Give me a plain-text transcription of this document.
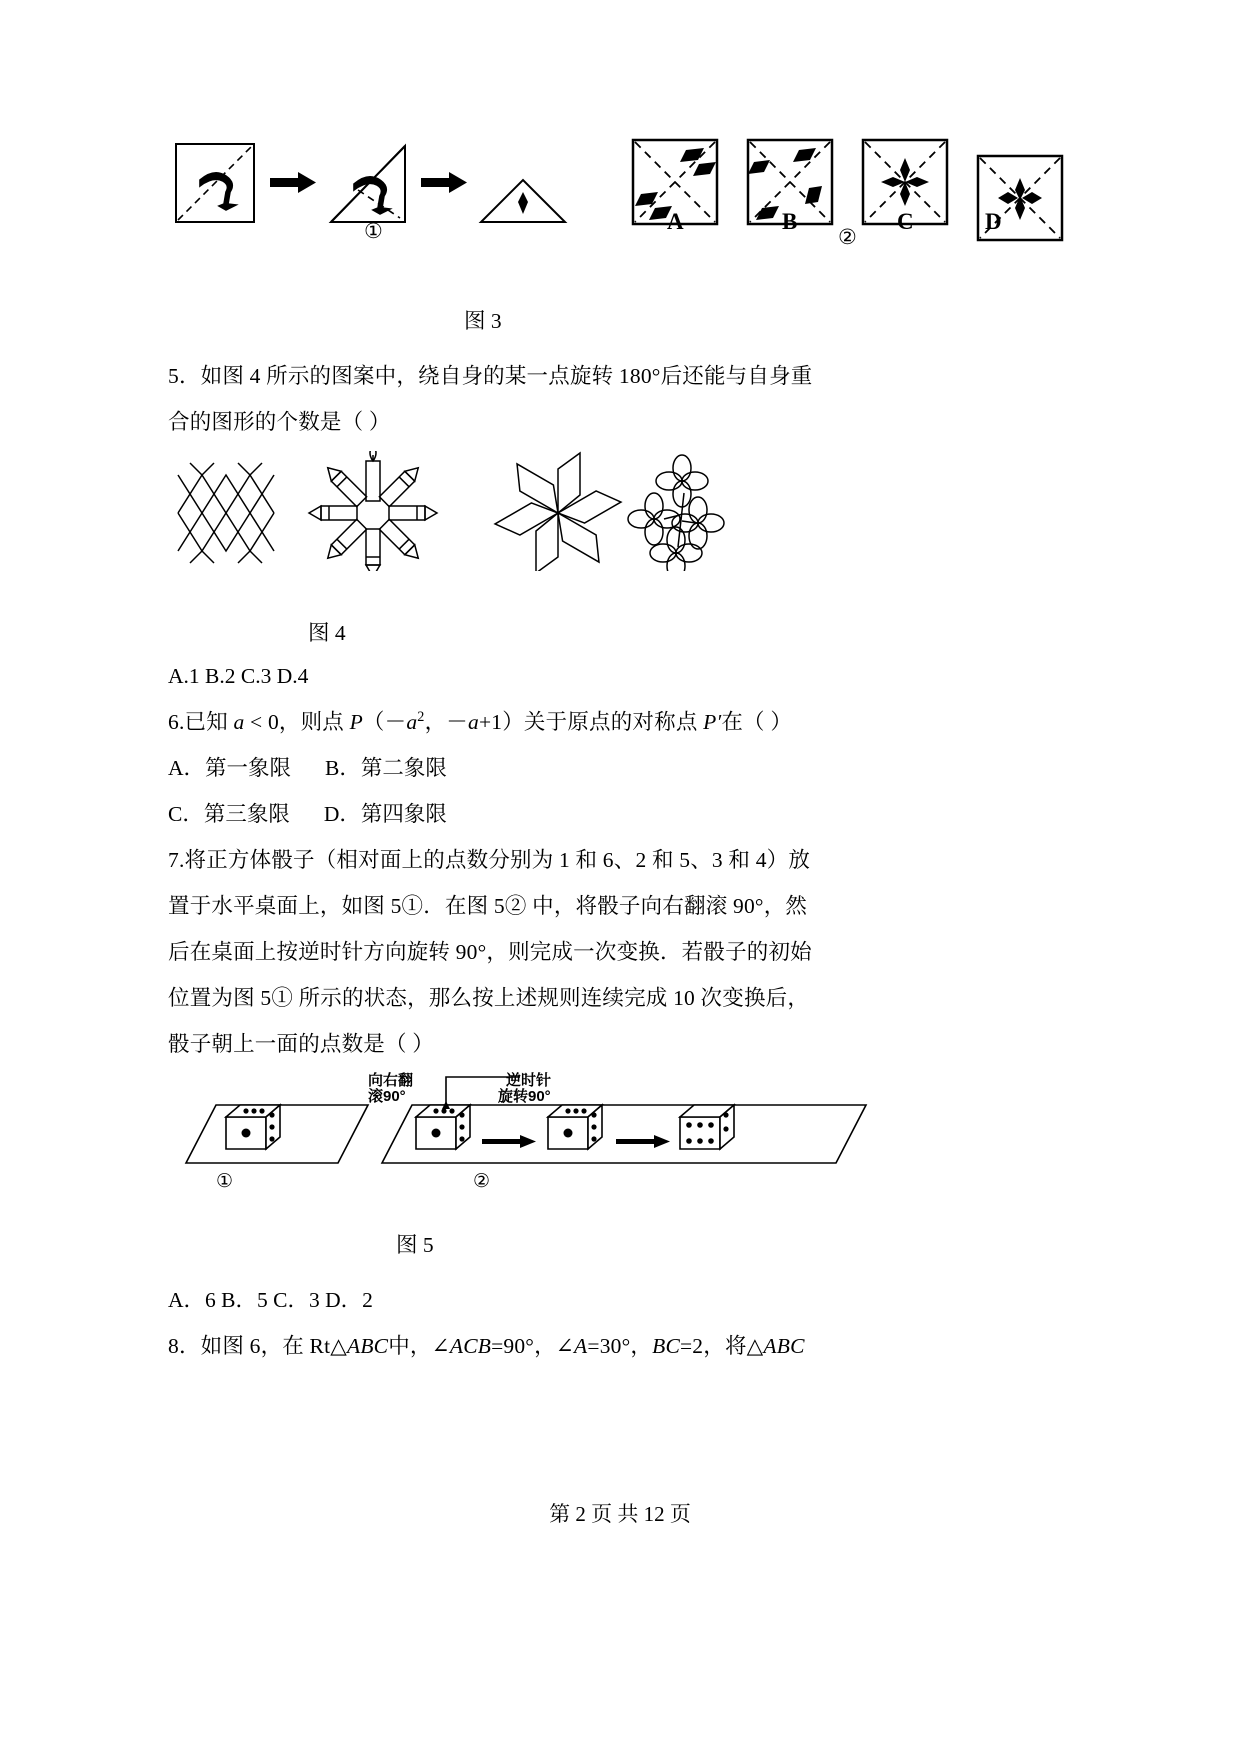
①	A	B
②
C	D

图 3

5．如图 4 所示的图案中，绕自身的某一点旋转 180°后还能与自身重

合的图形的个数是（ ）

图 4

A.1 B.2 C.3 D.4

6.已知 a < 0，则点 $P(-a^2$，－a+1）关于原点的对称点 P′在（ ）

A．第一象限 B．第二象限

C．第三象限 D．第四象限

7.将正方体骰子（相对面上的点数分别为 1 和 6、2 和 5、3 和 4）放

置于水平桌面上，如图 5①．在图 5② 中，将骰子向右翻滚 90°，然

后在桌面上按逆时针方向旋转 90°，则完成一次变换．若骰子的初始

位置为图 5① 所示的状态，那么按上述规则连续完成 10 次变换后，

骰子朝上一面的点数是（ ）

向右翻
滚90°
逆时针
旋转90°
①	②

图 5

A．6 B．5 C．3 D．2

8．如图 6，在 Rt△ABC中，∠ACB=90°，∠A=30°，BC=2，将△ABC

第 2 页 共 12 页
